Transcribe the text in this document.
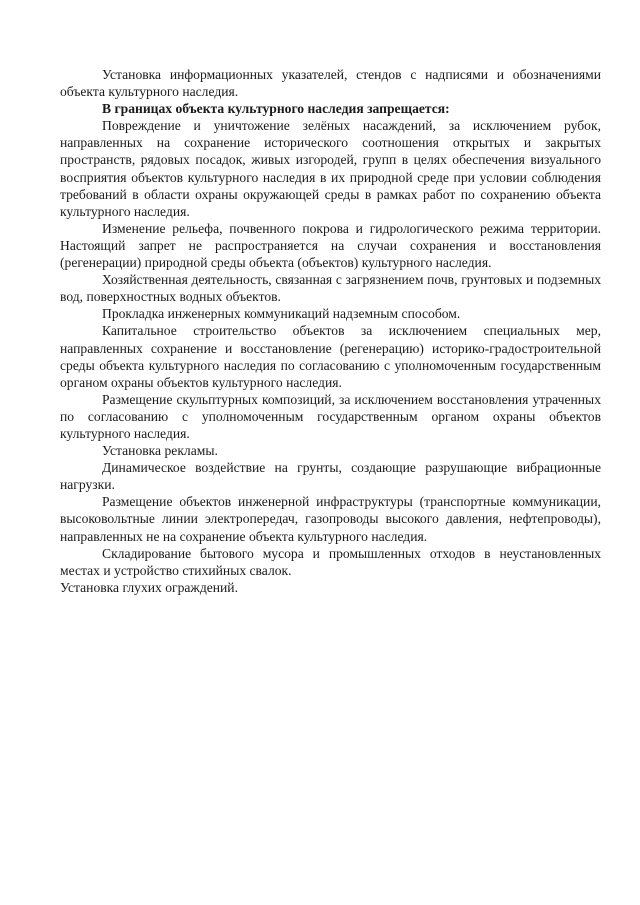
Установка информационных указателей, стендов с надписями и обозначениями объекта культурного наследия.

В границах объекта культурного наследия запрещается:

Повреждение и уничтожение зелёных насаждений, за исключением рубок, направленных на сохранение исторического соотношения открытых и закрытых пространств, рядовых посадок, живых изгородей, групп в целях обеспечения визуального восприятия объектов культурного наследия в их природной среде при условии соблюдения требований в области охраны окружающей среды в рамках работ по сохранению объекта культурного наследия.

Изменение рельефа, почвенного покрова и гидрологического режима территории. Настоящий запрет не распространяется на случаи сохранения и восстановления (регенерации) природной среды объекта (объектов) культурного наследия.

Хозяйственная деятельность, связанная с загрязнением почв, грунтовых и подземных вод, поверхностных водных объектов.

Прокладка инженерных коммуникаций надземным способом.

Капитальное строительство объектов за исключением специальных мер, направленных сохранение и восстановление (регенерацию) историко-градостроительной среды объекта культурного наследия по согласованию с уполномоченным государственным органом охраны объектов культурного наследия.

Размещение скульптурных композиций, за исключением восстановления утраченных по согласованию с уполномоченным государственным органом охраны объектов культурного наследия.

Установка рекламы.

Динамическое воздействие на грунты, создающие разрушающие вибрационные нагрузки.

Размещение объектов инженерной инфраструктуры (транспортные коммуникации, высоковольтные линии электропередач, газопроводы высокого давления, нефтепроводы), направленных не на сохранение объекта культурного наследия.

Складирование бытового мусора и промышленных отходов в неустановленных местах и устройство стихийных свалок.

Установка глухих ограждений.
